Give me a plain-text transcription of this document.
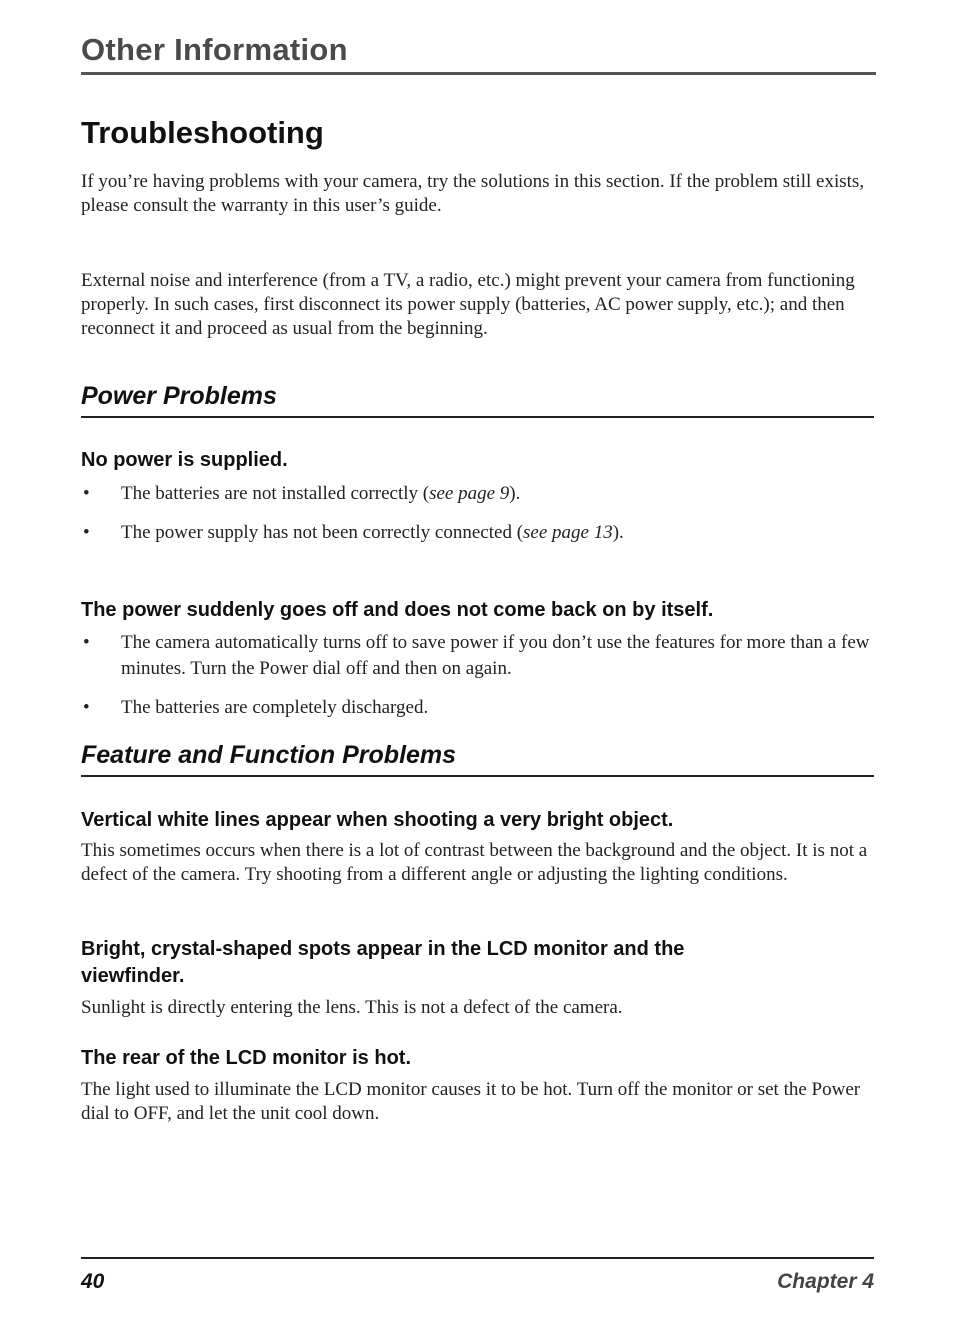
Other Information
Troubleshooting
If you’re having problems with your camera, try the solutions in this section. If the problem still exists, please consult the warranty in this user’s guide.
External noise and interference (from a TV, a radio, etc.) might prevent your camera from functioning properly. In such cases, first disconnect its power supply (batteries, AC power supply, etc.); and then reconnect it and proceed as usual from the beginning.
Power Problems
No power is supplied.
• The batteries are not installed correctly (see page 9).
• The power supply has not been correctly connected (see page 13).
The power suddenly goes off and does not come back on by itself.
• The camera automatically turns off to save power if you don’t use the features for more than a few minutes. Turn the Power dial off and then on again.
• The batteries are completely discharged.
Feature and Function Problems
Vertical white lines appear when shooting a very bright object.
This sometimes occurs when there is a lot of contrast between the background and the object. It is not a defect of the camera. Try shooting from a different angle or adjusting the lighting conditions.
Bright, crystal-shaped spots appear in the LCD monitor and the viewfinder.
Sunlight is directly entering the lens. This is not a defect of the camera.
The rear of the LCD monitor is hot.
The light used to illuminate the LCD monitor causes it to be hot. Turn off the monitor or set the Power dial to OFF, and let the unit cool down.
40	Chapter 4
